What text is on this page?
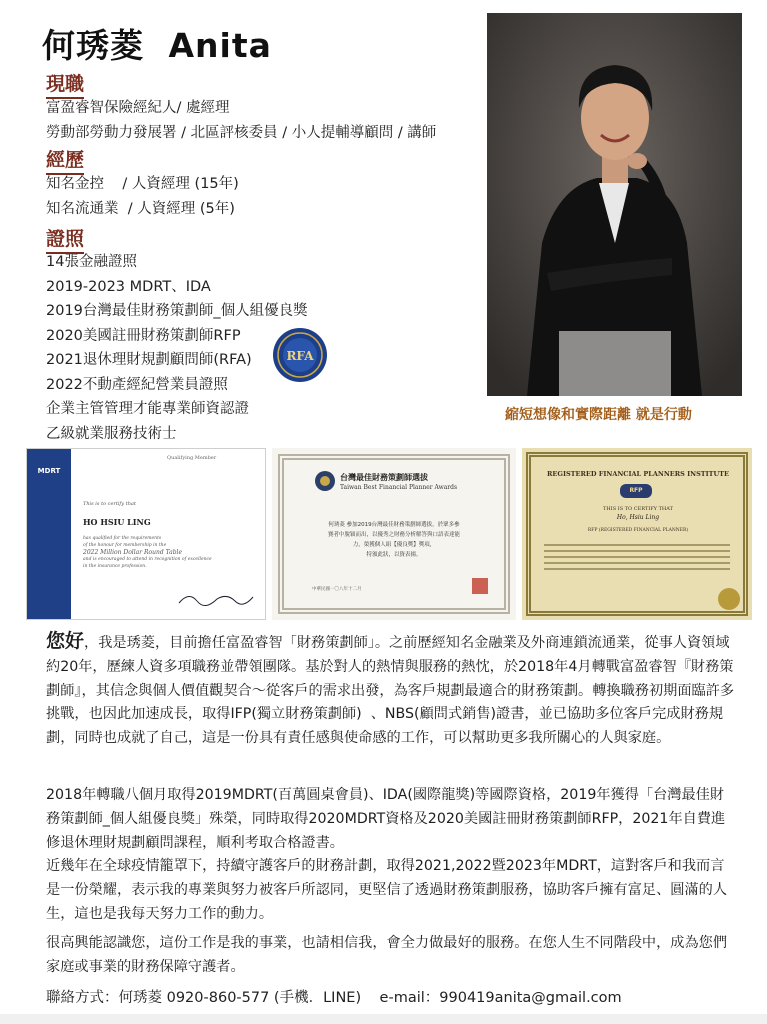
何琇菱 Anita
現職
富盈睿智保險經紀人/ 處經理
勞動部勞動力發展署 / 北區評核委員 / 小人提輔導顧問 / 講師
經歷
知名金控    / 人資經理 (15年)
知名流通業  / 人資經理 (5年)
證照
14張金融證照
2019-2023 MDRT、IDA
2019台灣最佳財務策劃師_個人組優良獎
2020美國註冊財務策劃師RFP
2021退休理財規劃顧問師(RFA)
2022不動產經紀營業員證照
企業主管管理才能專業師資認證
乙級就業服務技術士
RFA
縮短想像和實際距離 就是行動
MDRT
Qualifying Member
This is to certify that
HO HSIU LING
has qualified for the requirements
of the honour for membership in the
2022 Million Dollar Round Table
and is encouraged to attend in recognition of excellence
in the insurance profession.
台灣最佳財務策劃師選拔
Taiwan Best Financial Planner Awards
何琇菱 參加2019台灣最佳財務策劃師選拔，於眾多參
賽者中脫穎而出，以優秀之財務分析解答與口語表達能
力，榮獲個人組【優良獎】獎項，
特頒此狀，以資表揚。
中華民國一〇八年十二月
REGISTERED FINANCIAL PLANNERS INSTITUTE
RFP
THIS IS TO CERTIFY THAT
Ho, Hsiu Ling
RFP (REGISTERED FINANCIAL PLANNER)

您好，我是琇菱，目前擔任富盈睿智「財務策劃師」。之前歷經知名金融業及外商連鎖流通業，從事人資領域約20年，歷練人資多項職務並帶領團隊。基於對人的熱情與服務的熱忱，於2018年4月轉戰富盈睿智『財務策劃師』，其信念與個人價值觀契合～從客戶的需求出發，為客戶規劃最適合的財務策劃。轉換職務初期面臨許多挑戰，也因此加速成長，取得IFP(獨立財務策劃師)  、NBS(顧問式銷售)證書，並已協助多位客戶完成財務規劃，同時也成就了自己，這是一份具有責任感與使命感的工作，可以幫助更多我所關心的人與家庭。

2018年轉職八個月取得2019MDRT(百萬圓桌會員)、IDA(國際龍獎)等國際資格，2019年獲得「台灣最佳財務策劃師_個人組優良獎」殊榮，同時取得2020MDRT資格及2020美國註冊財務策劃師RFP，2021年自費進修退休理財規劃顧問課程，順利考取合格證書。

近幾年在全球疫情籠罩下，持續守護客戶的財務計劃，取得2021,2022暨2023年MDRT，這對客戶和我而言是一份榮耀，表示我的專業與努力被客戶所認同，更堅信了透過財務策劃服務，協助客戶擁有富足、圓滿的人生，這也是我每天努力工作的動力。

很高興能認識您，這份工作是我的事業，也請相信我，會全力做最好的服務。在您人生不同階段中，成為您們家庭或事業的財務保障守護者。

聯絡方式：何琇菱 0920-860-577 (手機．LINE)    e-mail：990419anita@gmail.com
